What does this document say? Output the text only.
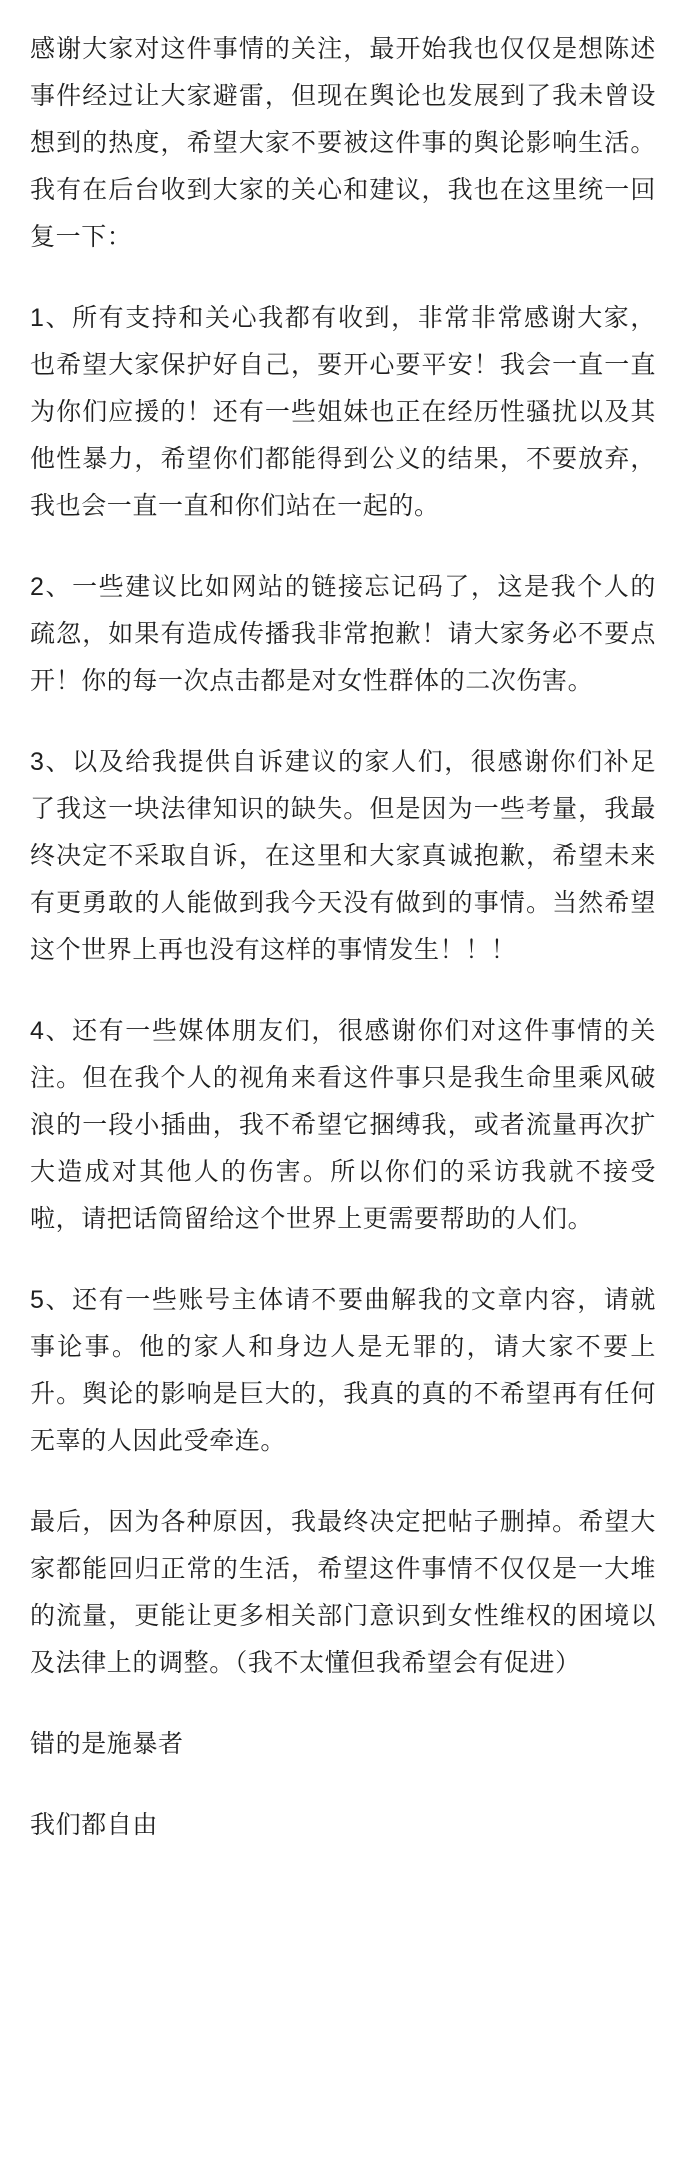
感谢大家对这件事情的关注，最开始我也仅仅是想陈述事件经过让大家避雷，但现在舆论也发展到了我未曾设想到的热度，希望大家不要被这件事的舆论影响生活。我有在后台收到大家的关心和建议，我也在这里统一回复一下：

1、所有支持和关心我都有收到，非常非常感谢大家，也希望大家保护好自己，要开心要平安！我会一直一直为你们应援的！还有一些姐妹也正在经历性骚扰以及其他性暴力，希望你们都能得到公义的结果，不要放弃，我也会一直一直和你们站在一起的。

2、一些建议比如网站的链接忘记码了，这是我个人的疏忽，如果有造成传播我非常抱歉！请大家务必不要点开！你的每一次点击都是对女性群体的二次伤害。

3、以及给我提供自诉建议的家人们，很感谢你们补足了我这一块法律知识的缺失。但是因为一些考量，我最终决定不采取自诉，在这里和大家真诚抱歉，希望未来有更勇敢的人能做到我今天没有做到的事情。当然希望这个世界上再也没有这样的事情发生！！！

4、还有一些媒体朋友们，很感谢你们对这件事情的关注。但在我个人的视角来看这件事只是我生命里乘风破浪的一段小插曲，我不希望它捆缚我，或者流量再次扩大造成对其他人的伤害。所以你们的采访我就不接受啦，请把话筒留给这个世界上更需要帮助的人们。

5、还有一些账号主体请不要曲解我的文章内容，请就事论事。他的家人和身边人是无罪的，请大家不要上升。舆论的影响是巨大的，我真的真的不希望再有任何无辜的人因此受牵连。

最后，因为各种原因，我最终决定把帖子删掉。希望大家都能回归正常的生活，希望这件事情不仅仅是一大堆的流量，更能让更多相关部门意识到女性维权的困境以及法律上的调整。（我不太懂但我希望会有促进）

错的是施暴者

我们都自由
